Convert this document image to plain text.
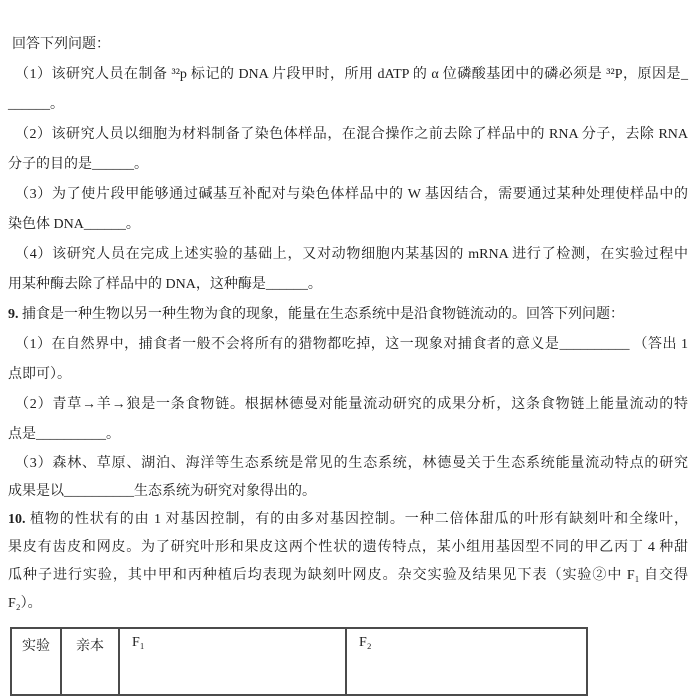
回答下列问题：
（1）该研究人员在制备 ³²p 标记的 DNA 片段甲时，所用 dATP 的 α 位磷酸基团中的磷必须是 ³²P，原因是_
______。
（2）该研究人员以细胞为材料制备了染色体样品，在混合操作之前去除了样品中的 RNA 分子，去除 RNA
分子的目的是______。
（3）为了使片段甲能够通过碱基互补配对与染色体样品中的 W 基因结合，需要通过某种处理使样品中的
染色体 DNA______。
（4）该研究人员在完成上述实验的基础上，又对动物细胞内某基因的 mRNA 进行了检测，在实验过程中
用某种酶去除了样品中的 DNA，这种酶是______。
9. 捕食是一种生物以另一种生物为食的现象，能量在生态系统中是沿食物链流动的。回答下列问题：
（1）在自然界中，捕食者一般不会将所有的猎物都吃掉，这一现象对捕食者的意义是__________ （答出 1
点即可）。
（2）青草→羊→狼是一条食物链。根据林德曼对能量流动研究的成果分析，这条食物链上能量流动的特
点是__________。
（3）森林、草原、湖泊、海洋等生态系统是常见的生态系统，林德曼关于生态系统能量流动特点的研究
成果是以__________生态系统为研究对象得出的。
10. 植物的性状有的由 1 对基因控制，有的由多对基因控制。一种二倍体甜瓜的叶形有缺刻叶和全缘叶，
果皮有齿皮和网皮。为了研究叶形和果皮这两个性状的遗传特点，某小组用基因型不同的甲乙丙丁 4 种甜
瓜种子进行实验，其中甲和丙种植后均表现为缺刻叶网皮。杂交实验及结果见下表（实验②中 F₁ 自交得
F₂）。
实验	亲本	F₁	F₂
